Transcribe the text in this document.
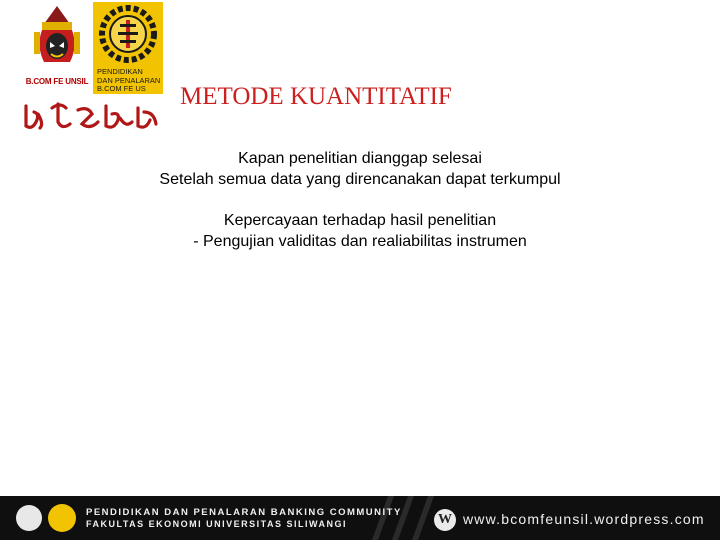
B.COM FE UNSIL
PENDIDIKAN
DAN PENALARAN
B.COM FE US	METODE KUANTITATIF
Kapan penelitian dianggap selesai
Setelah semua data yang direncanakan dapat terkumpul
Kepercayaan terhadap hasil penelitian
- Pengujian validitas dan realiabilitas instrumen
PENDIDIKAN DAN PENALARAN BANKING COMMUNITY
FAKULTAS EKONOMI UNIVERSITAS SILIWANGI	W www.bcomfeunsil.wordpress.com
